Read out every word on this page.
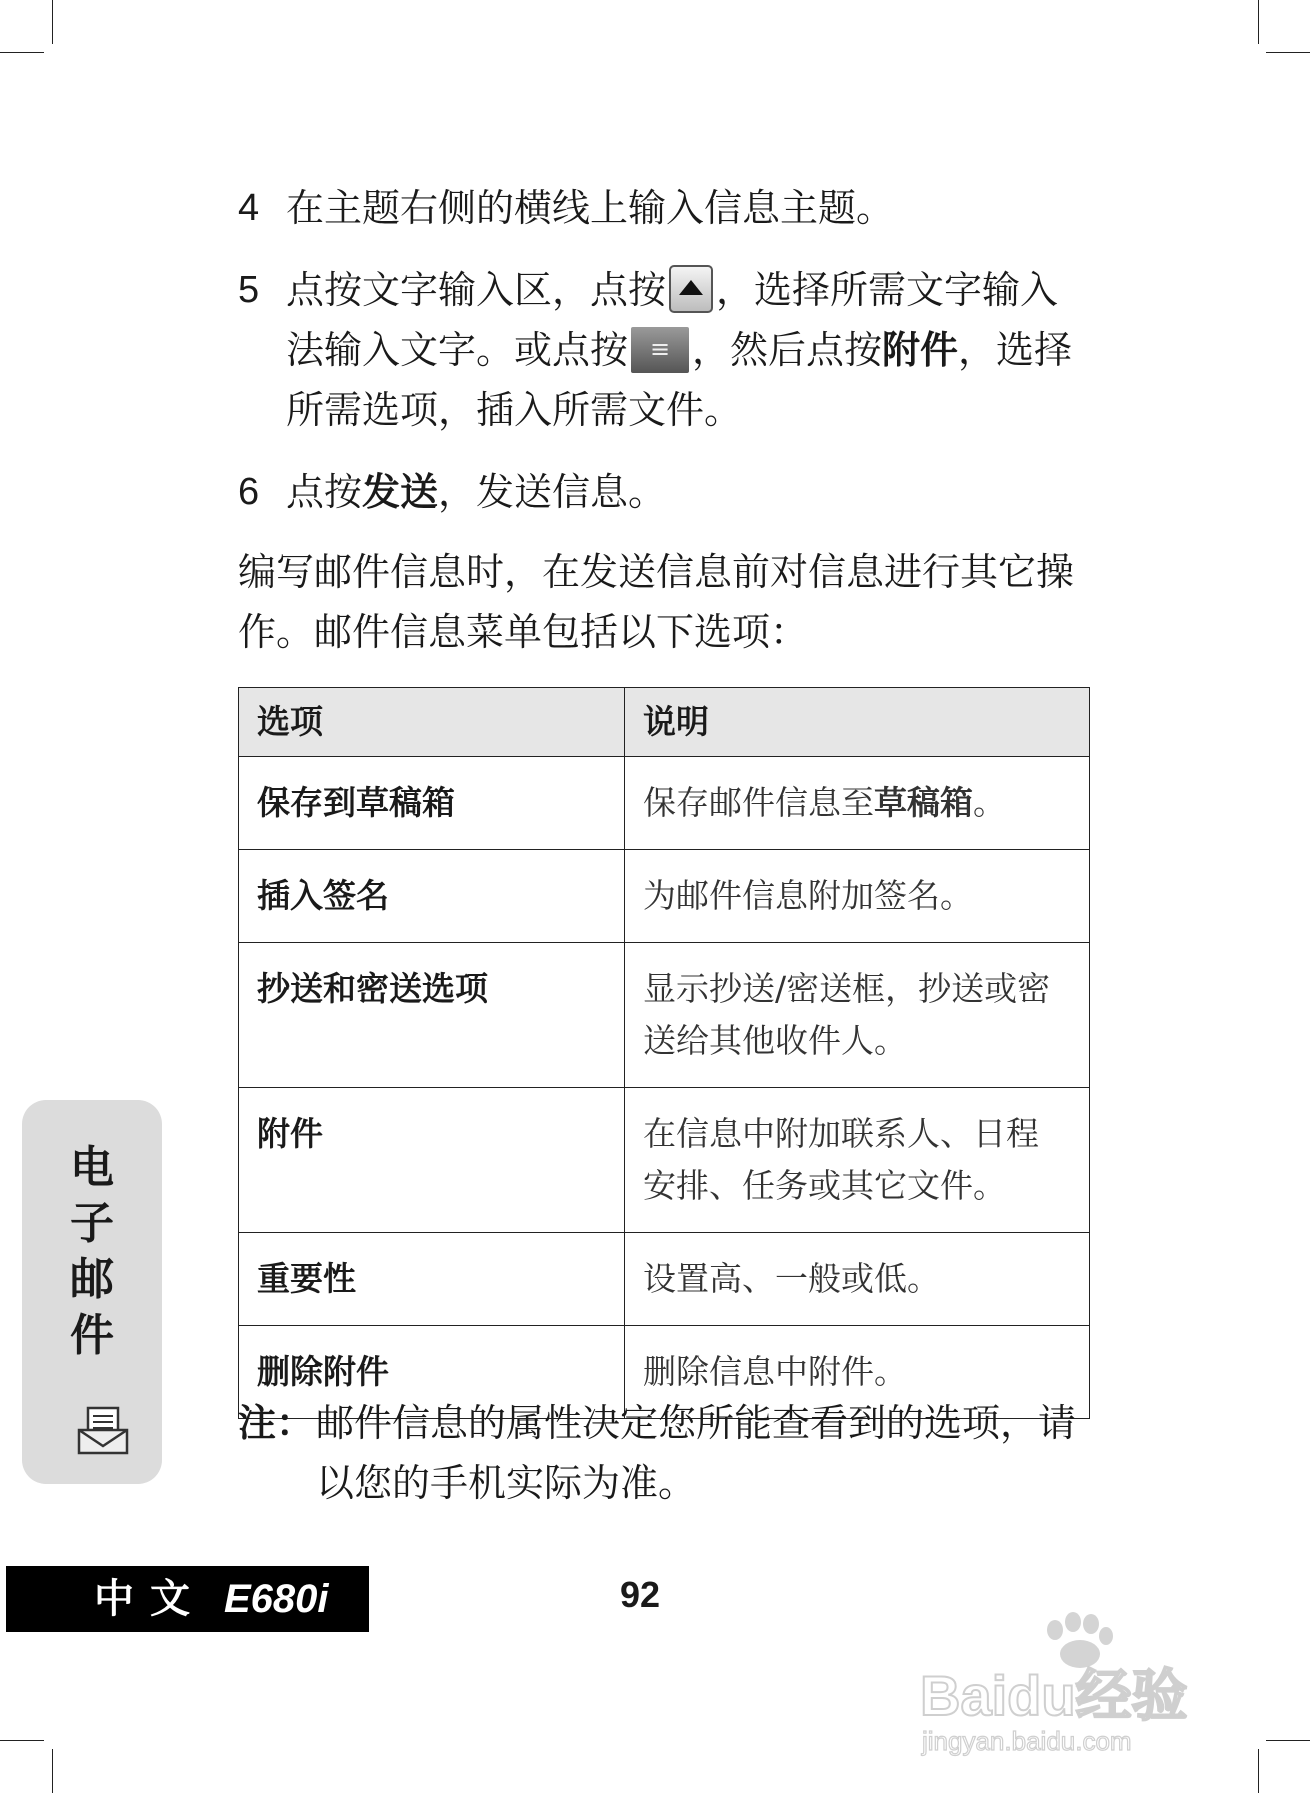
4 在主题右侧的横线上输入信息主题。
5 点按文字输入区，点按 ，选择所需文字输入法输入文字。或点按 ≡ ，然后点按附件，选择所需选项，插入所需文件。
6 点按发送，发送信息。
编写邮件信息时，在发送信息前对信息进行其它操作。邮件信息菜单包括以下选项：
选项	说明
保存到草稿箱	保存邮件信息至草稿箱。
插入签名	为邮件信息附加签名。
抄送和密送选项	显示抄送/密送框，抄送或密送给其他收件人。
附件	在信息中附加联系人、日程安排、任务或其它文件。
重要性	设置高、一般或低。
删除附件	删除信息中附件。
注： 邮件信息的属性决定您所能查看到的选项，请以您的手机实际为准。
电
子
邮
件
中文 E680i	92
Baidu经验
jingyan.baidu.com
